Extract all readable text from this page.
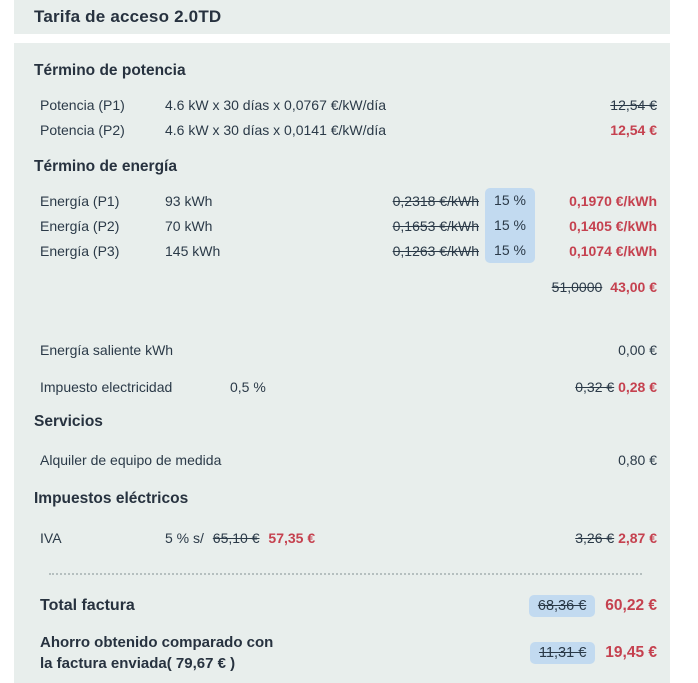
Tarifa de acceso 2.0TD
Término de potencia
Potencia (P1)	4.6 kW x 30 días x 0,0767 €/kW/día	12,54 €
Potencia (P2)	4.6 kW x 30 días x 0,0141 €/kW/día	12,54 €
Término de energía
Energía (P1)	93 kWh	0,2318 €/kWh	15 %	0,1970 €/kWh
Energía (P2)	70 kWh	0,1653 €/kWh	15 %	0,1405 €/kWh
Energía (P3)	145 kWh	0,1263 €/kWh	15 %	0,1074 €/kWh
51,0000 43,00 €
Energía saliente kWh	0,00 €
Impuesto electricidad	0,5 %	0,32 € 0,28 €
Servicios
Alquiler de equipo de medida	0,80 €
Impuestos eléctricos
IVA	5 % s/ 65,10 € 57,35 €	3,26 € 2,87 €
Total factura	68,36 €	60,22 €
Ahorro obtenido comparado con
la factura enviada( 79,67 € )
11,31 €	19,45 €
